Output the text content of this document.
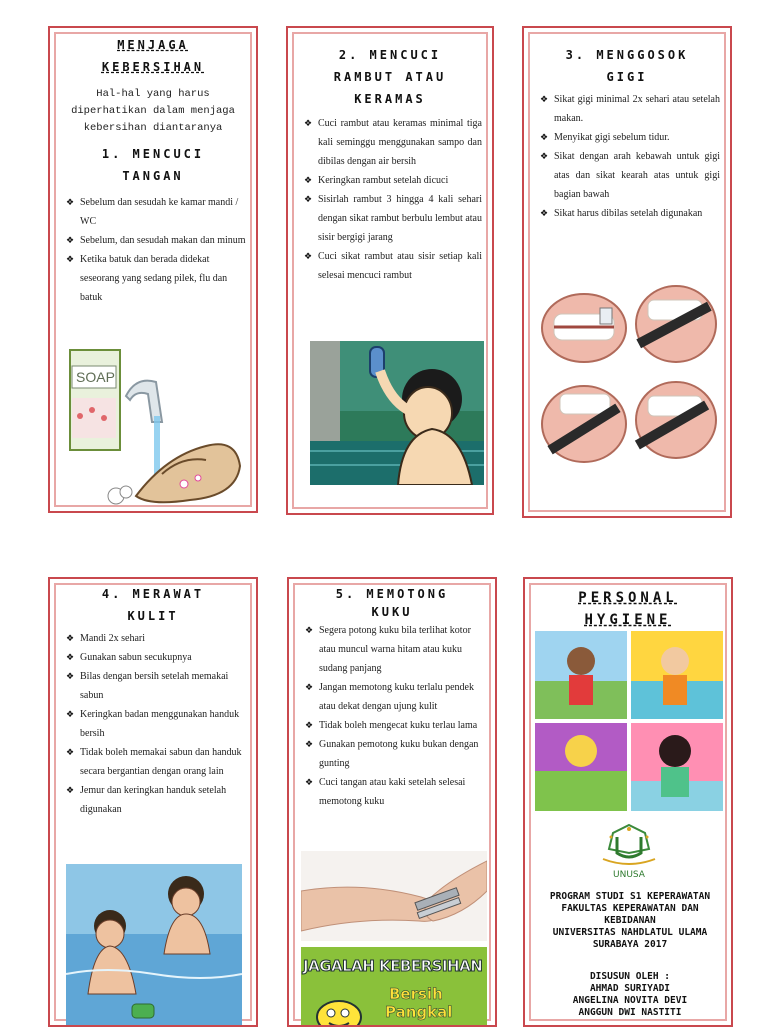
MENJAGA
KEBERSIHAN
Hal-hal yang harus diperhatikan dalam menjaga kebersihan diantaranya
1. MENCUCI
TANGAN
❖ Sebelum dan sesudah ke kamar mandi / WC
❖ Sebelum, dan sesudah makan dan minum
❖ Ketika batuk dan berada didekat seseorang yang sedang pilek, flu dan batuk
SOAP
2. MENCUCI
RAMBUT ATAU
KERAMAS
❖ Cuci rambut atau keramas minimal tiga kali seminggu menggunakan sampo dan dibilas dengan air bersih
❖ Keringkan rambut setelah dicuci
❖ Sisirlah rambut 3 hingga 4 kali sehari dengan sikat rambut berbulu lembut atau sisir bergigi jarang
❖ Cuci sikat rambut atau sisir setiap kali selesai mencuci rambut
3. MENGGOSOK
GIGI
❖ Sikat gigi minimal 2x sehari atau setelah makan.
❖ Menyikat gigi sebelum tidur.
❖ Sikat dengan arah kebawah untuk gigi atas dan sikat kearah atas untuk gigi bagian bawah
❖ Sikat harus dibilas setelah digunakan
4. MERAWAT
KULIT
❖ Mandi 2x sehari
❖ Gunakan sabun secukupnya
❖ Bilas dengan bersih setelah memakai sabun
❖ Keringkan badan menggunakan handuk bersih
❖ Tidak boleh memakai sabun dan handuk secara bergantian dengan orang lain
❖ Jemur dan keringkan handuk setelah digunakan
5. MEMOTONG
KUKU
❖ Segera potong kuku bila terlihat kotor atau muncul warna hitam atau kuku sudang panjang
❖ Jangan memotong kuku terlalu pendek atau dekat dengan ujung kulit
❖ Tidak boleh mengecat kuku terlau lama
❖ Gunakan pemotong kuku bukan dengan gunting
❖ Cuci tangan atau kaki setelah selesai memotong kuku
JAGALAH KEBERSIHAN
Bersih
Pangkal
PERSONAL
HYGIENE
UNUSA
PROGRAM STUDI S1 KEPERAWATAN
FAKULTAS KEPERAWATAN DAN
KEBIDANAN
UNIVERSITAS NAHDLATUL ULAMA
SURABAYA 2017
DISUSUN OLEH :
AHMAD SURIYADI
ANGELINA NOVITA DEVI
ANGGUN DWI NASTITI
